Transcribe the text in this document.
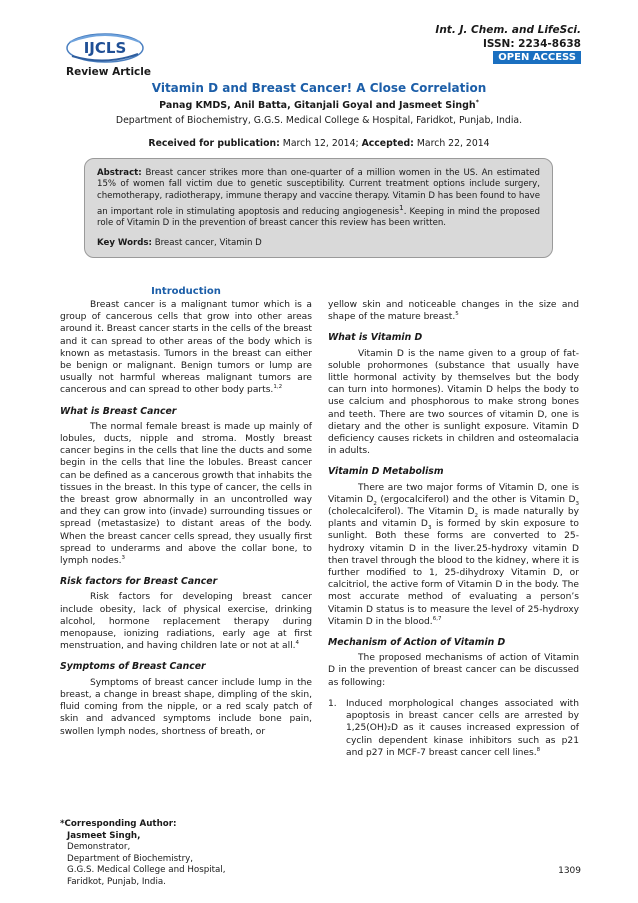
IJCLS
Review Article
Int. J. Chem. and LifeSci.
ISSN: 2234-8638
OPEN ACCESS
Vitamin D and Breast Cancer! A Close Correlation
Panag KMDS, Anil Batta, Gitanjali Goyal and Jasmeet Singh*
Department of Biochemistry, G.G.S. Medical College & Hospital, Faridkot, Punjab, India.
Received for publication: March 12, 2014; Accepted: March 22, 2014

Abstract: Breast cancer strikes more than one-quarter of a million women in the US. An estimated 15% of women fall victim due to genetic susceptibility. Current treatment options include surgery, chemotherapy, radiotherapy, immune therapy and vaccine therapy. Vitamin D has been found to have an important role in stimulating apoptosis and reducing angiogenesis$^1$. Keeping in mind the proposed role of Vitamin D in the prevention of breast cancer this review has been written.

Key Words: Breast cancer, Vitamin D

Introduction

Breast cancer is a malignant tumor which is a group of cancerous cells that grow into other areas around it. Breast cancer starts in the cells of the breast and it can spread to other areas of the body which is known as metastasis. Tumors in the breast can either be benign or malignant. Benign tumors or lump are usually not harmful whereas malignant tumors are cancerous and can spread to other body parts.$^{1,2}$

What is Breast Cancer

The normal female breast is made up mainly of lobules, ducts, nipple and stroma. Mostly breast cancer begins in the cells that line the ducts and some begin in the cells that line the lobules. Breast cancer can be defined as a cancerous growth that inhabits the tissues in the breast. In this type of cancer, the cells in the breast grow abnormally in an uncontrolled way and they can grow into (invade) surrounding tissues or spread (metastasize) to distant areas of the body. When the breast cancer cells spread, they usually first spread to underarms and above the collar bone, to lymph nodes.$^3$

Risk factors for Breast Cancer

Risk factors for developing breast cancer include obesity, lack of physical exercise, drinking alcohol, hormone replacement therapy during menopause, ionizing radiations, early age at first menstruation, and having children late or not at all.$^4$

Symptoms of Breast Cancer

Symptoms of breast cancer include lump in the breast, a change in breast shape, dimpling of the skin, fluid coming from the nipple, or a red scaly patch of skin and advanced symptoms include bone pain, swollen lymph nodes, shortness of breath, or

yellow skin and noticeable changes in the size and shape of the mature breast.$^5$

What is Vitamin D

Vitamin D is the name given to a group of fat-soluble prohormones (substance that usually have little hormonal activity by themselves but the body can turn into hormones). Vitamin D helps the body to use calcium and phosphorous to make strong bones and teeth. There are two sources of vitamin D, one is dietary and the other is sunlight exposure. Vitamin D deficiency causes rickets in children and osteomalacia in adults.

Vitamin D Metabolism

There are two major forms of Vitamin D, one is Vitamin $D_2$ (ergocalciferol) and the other is Vitamin $D_3$ (cholecalciferol). The Vitamin $D_2$ is made naturally by plants and vitamin $D_3$ is formed by skin exposure to sunlight. Both these forms are converted to 25-hydroxy vitamin D in the liver.25-hydroxy vitamin D then travel through the blood to the kidney, where it is further modified to 1, 25-dihydroxy Vitamin D, or calcitriol, the active form of Vitamin D in the body. The most accurate method of evaluating a person’s Vitamin D status is to measure the level of 25-hydroxy Vitamin D in the blood.$^{6,7}$

Mechanism of Action of Vitamin D

The proposed mechanisms of action of Vitamin D in the prevention of breast cancer can be discussed as following:

1.	Induced morphological changes associated with apoptosis in breast cancer cells are arrested by 1,25(OH)₂D as it causes increased expression of cyclin dependent kinase inhibitors such as p21 and p27 in MCF-7 breast cancer cell lines.$^8$
*Corresponding Author:
Jasmeet Singh,
Demonstrator,
Department of Biochemistry,
G.G.S. Medical College and Hospital,
Faridkot, Punjab, India.
1309
